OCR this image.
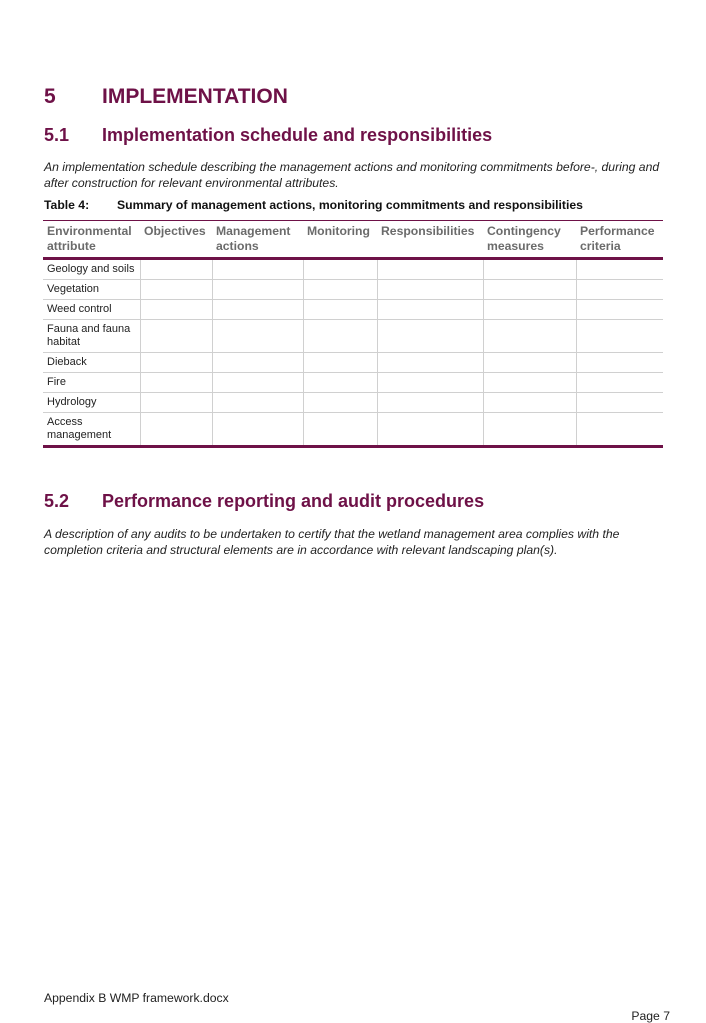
5 IMPLEMENTATION
5.1 Implementation schedule and responsibilities
An implementation schedule describing the management actions and monitoring commitments before-, during and after construction for relevant environmental attributes.
Table 4: Summary of management actions, monitoring commitments and responsibilities
Environmental attribute	Objectives	Management actions	Monitoring	Responsibilities	Contingency measures	Performance criteria
Geology and soils						
Vegetation						
Weed control						
Fauna and fauna habitat						
Dieback						
Fire						
Hydrology						
Access management						
5.2 Performance reporting and audit procedures
A description of any audits to be undertaken to certify that the wetland management area complies with the completion criteria and structural elements are in accordance with relevant landscaping plan(s).
Appendix B WMP framework.docx
Page 7
